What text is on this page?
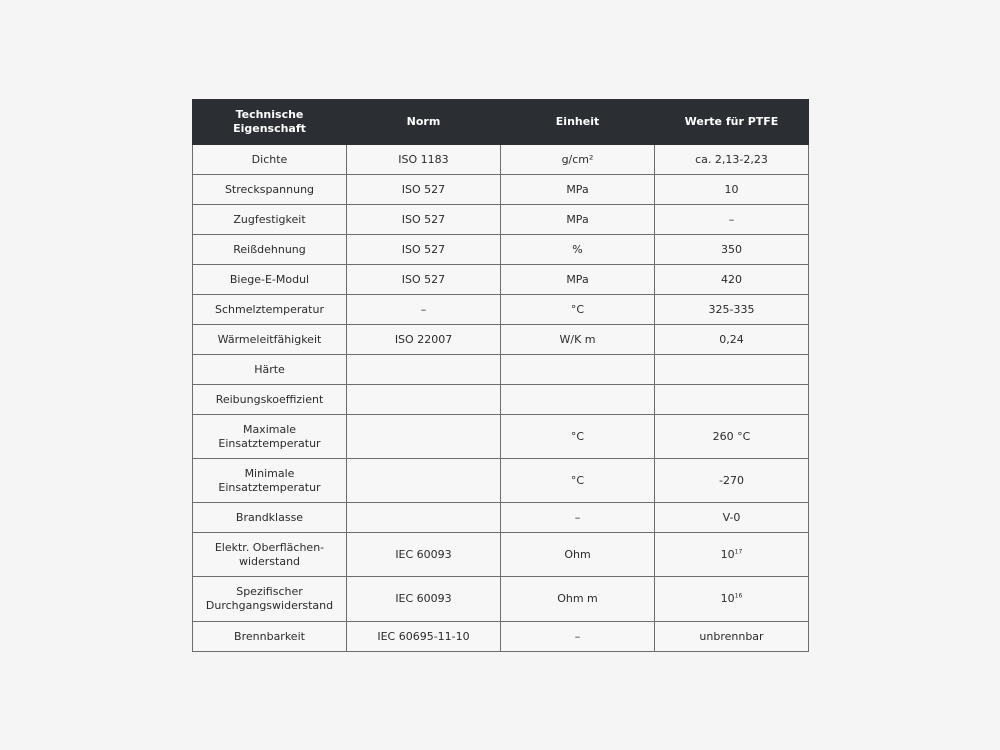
Technische
Eigenschaft	Norm	Einheit	Werte für PTFE
Dichte	ISO 1183	g/cm²	ca. 2,13-2,23
Streckspannung	ISO 527	MPa	10
Zugfestigkeit	ISO 527	MPa	–
Reißdehnung	ISO 527	%	350
Biege-E-Modul	ISO 527	MPa	420
Schmelztemperatur	–	°C	325-335
Wärmeleitfähigkeit	ISO 22007	W/K m	0,24
Härte			
Reibungskoeffizient			
Maximale
Einsatztemperatur		°C	260 °C
Minimale
Einsatztemperatur		°C	-270
Brandklasse		–	V-0
Elektr. Oberflächen-
widerstand	IEC 60093	Ohm	$10^{17}$
Spezifischer
Durchgangswiderstand	IEC 60093	Ohm m	$10^{16}$
Brennbarkeit	IEC 60695-11-10	–	unbrennbar
